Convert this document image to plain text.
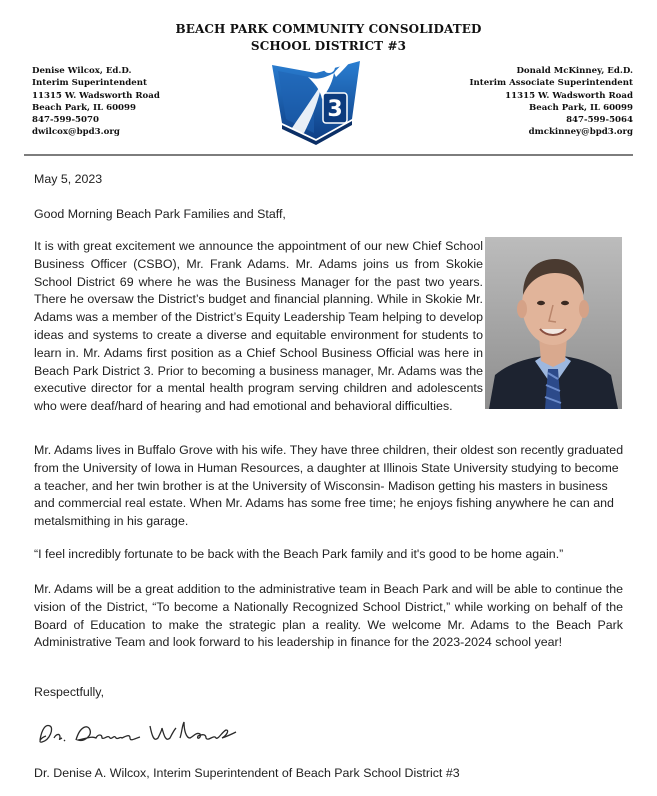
BEACH PARK COMMUNITY CONSOLIDATED
SCHOOL DISTRICT #3
Denise Wilcox, Ed.D.
Interim Superintendent
11315 W. Wadsworth Road
Beach Park, IL 60099
847-599-5070
dwilcox@bpd3.org
3
Donald McKinney, Ed.D.
Interim Associate Superintendent
11315 W. Wadsworth Road
Beach Park, IL 60099
847-599-5064
dmckinney@bpd3.org
May 5, 2023
Good Morning Beach Park Families and Staff,
It is with great excitement we announce the appointment of our new Chief School Business Officer (CSBO), Mr. Frank Adams. Mr. Adams joins us from Skokie School District 69 where he was the Business Manager for the past two years. There he oversaw the District’s budget and financial planning. While in Skokie Mr. Adams was a member of the District’s Equity Leadership Team helping to develop ideas and systems to create a diverse and equitable environment for students to learn in. Mr. Adams first position as a Chief School Business Official was here in Beach Park District 3. Prior to becoming a business manager, Mr. Adams was the executive director for a mental health program serving children and adolescents who were deaf/hard of hearing and had emotional and behavioral difficulties.
Mr. Adams lives in Buffalo Grove with his wife. They have three children, their oldest son recently graduated from the University of Iowa in Human Resources, a daughter at Illinois State University studying to become a teacher, and her twin brother is at the University of Wisconsin- Madison getting his masters in business and commercial real estate. When Mr. Adams has some free time; he enjoys fishing anywhere he can and metalsmithing in his garage.
“I feel incredibly fortunate to be back with the Beach Park family and it's good to be home again.”
Mr. Adams will be a great addition to the administrative team in Beach Park and will be able to continue the vision of the District, “To become a Nationally Recognized School District,” while working on behalf of the Board of Education to make the strategic plan a reality. We welcome Mr. Adams to the Beach Park Administrative Team and look forward to his leadership in finance for the 2023-2024 school year!
Respectfully,
Dr. Denise A. Wilcox, Interim Superintendent of Beach Park School District #3
